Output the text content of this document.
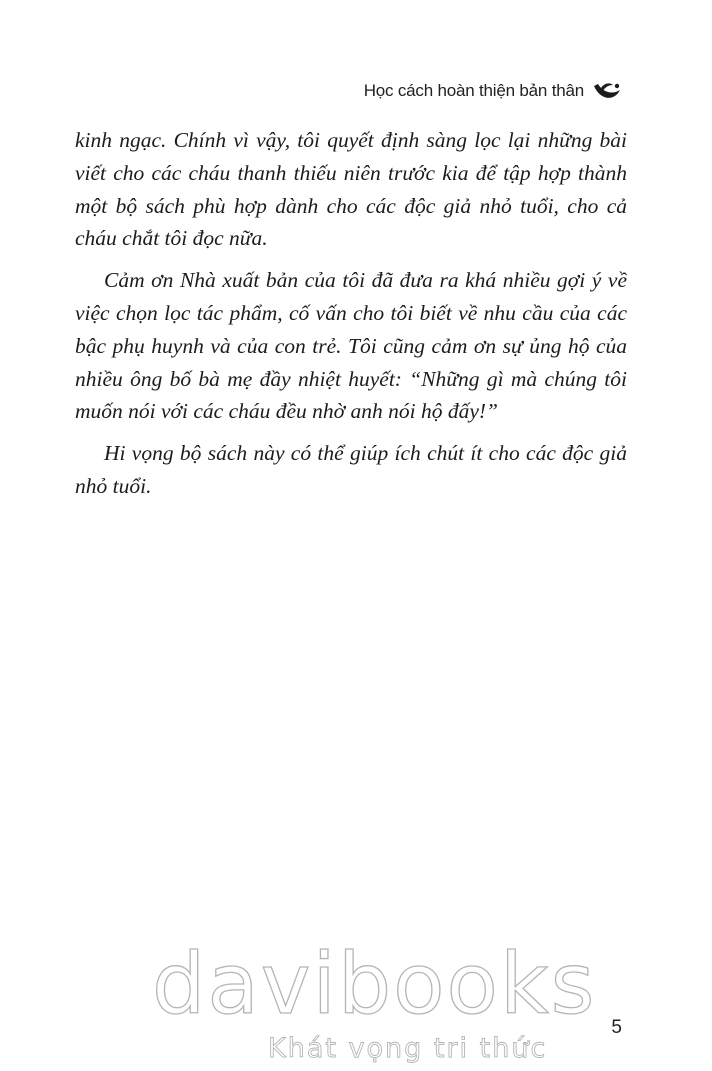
Học cách hoàn thiện bản thân

kinh ngạc. Chính vì vậy, tôi quyết định sàng lọc lại những bài viết cho các cháu thanh thiếu niên trước kia để tập hợp thành một bộ sách phù hợp dành cho các độc giả nhỏ tuổi, cho cả cháu chắt tôi đọc nữa.

Cảm ơn Nhà xuất bản của tôi đã đưa ra khá nhiều gợi ý về việc chọn lọc tác phẩm, cố vấn cho tôi biết về nhu cầu của các bậc phụ huynh và của con trẻ. Tôi cũng cảm ơn sự ủng hộ của nhiều ông bố bà mẹ đầy nhiệt huyết: “Những gì mà chúng tôi muốn nói với các cháu đều nhờ anh nói hộ đấy!”

Hi vọng bộ sách này có thể giúp ích chút ít cho các độc giả nhỏ tuổi.

davibooks
Khát vọng tri thức
5
